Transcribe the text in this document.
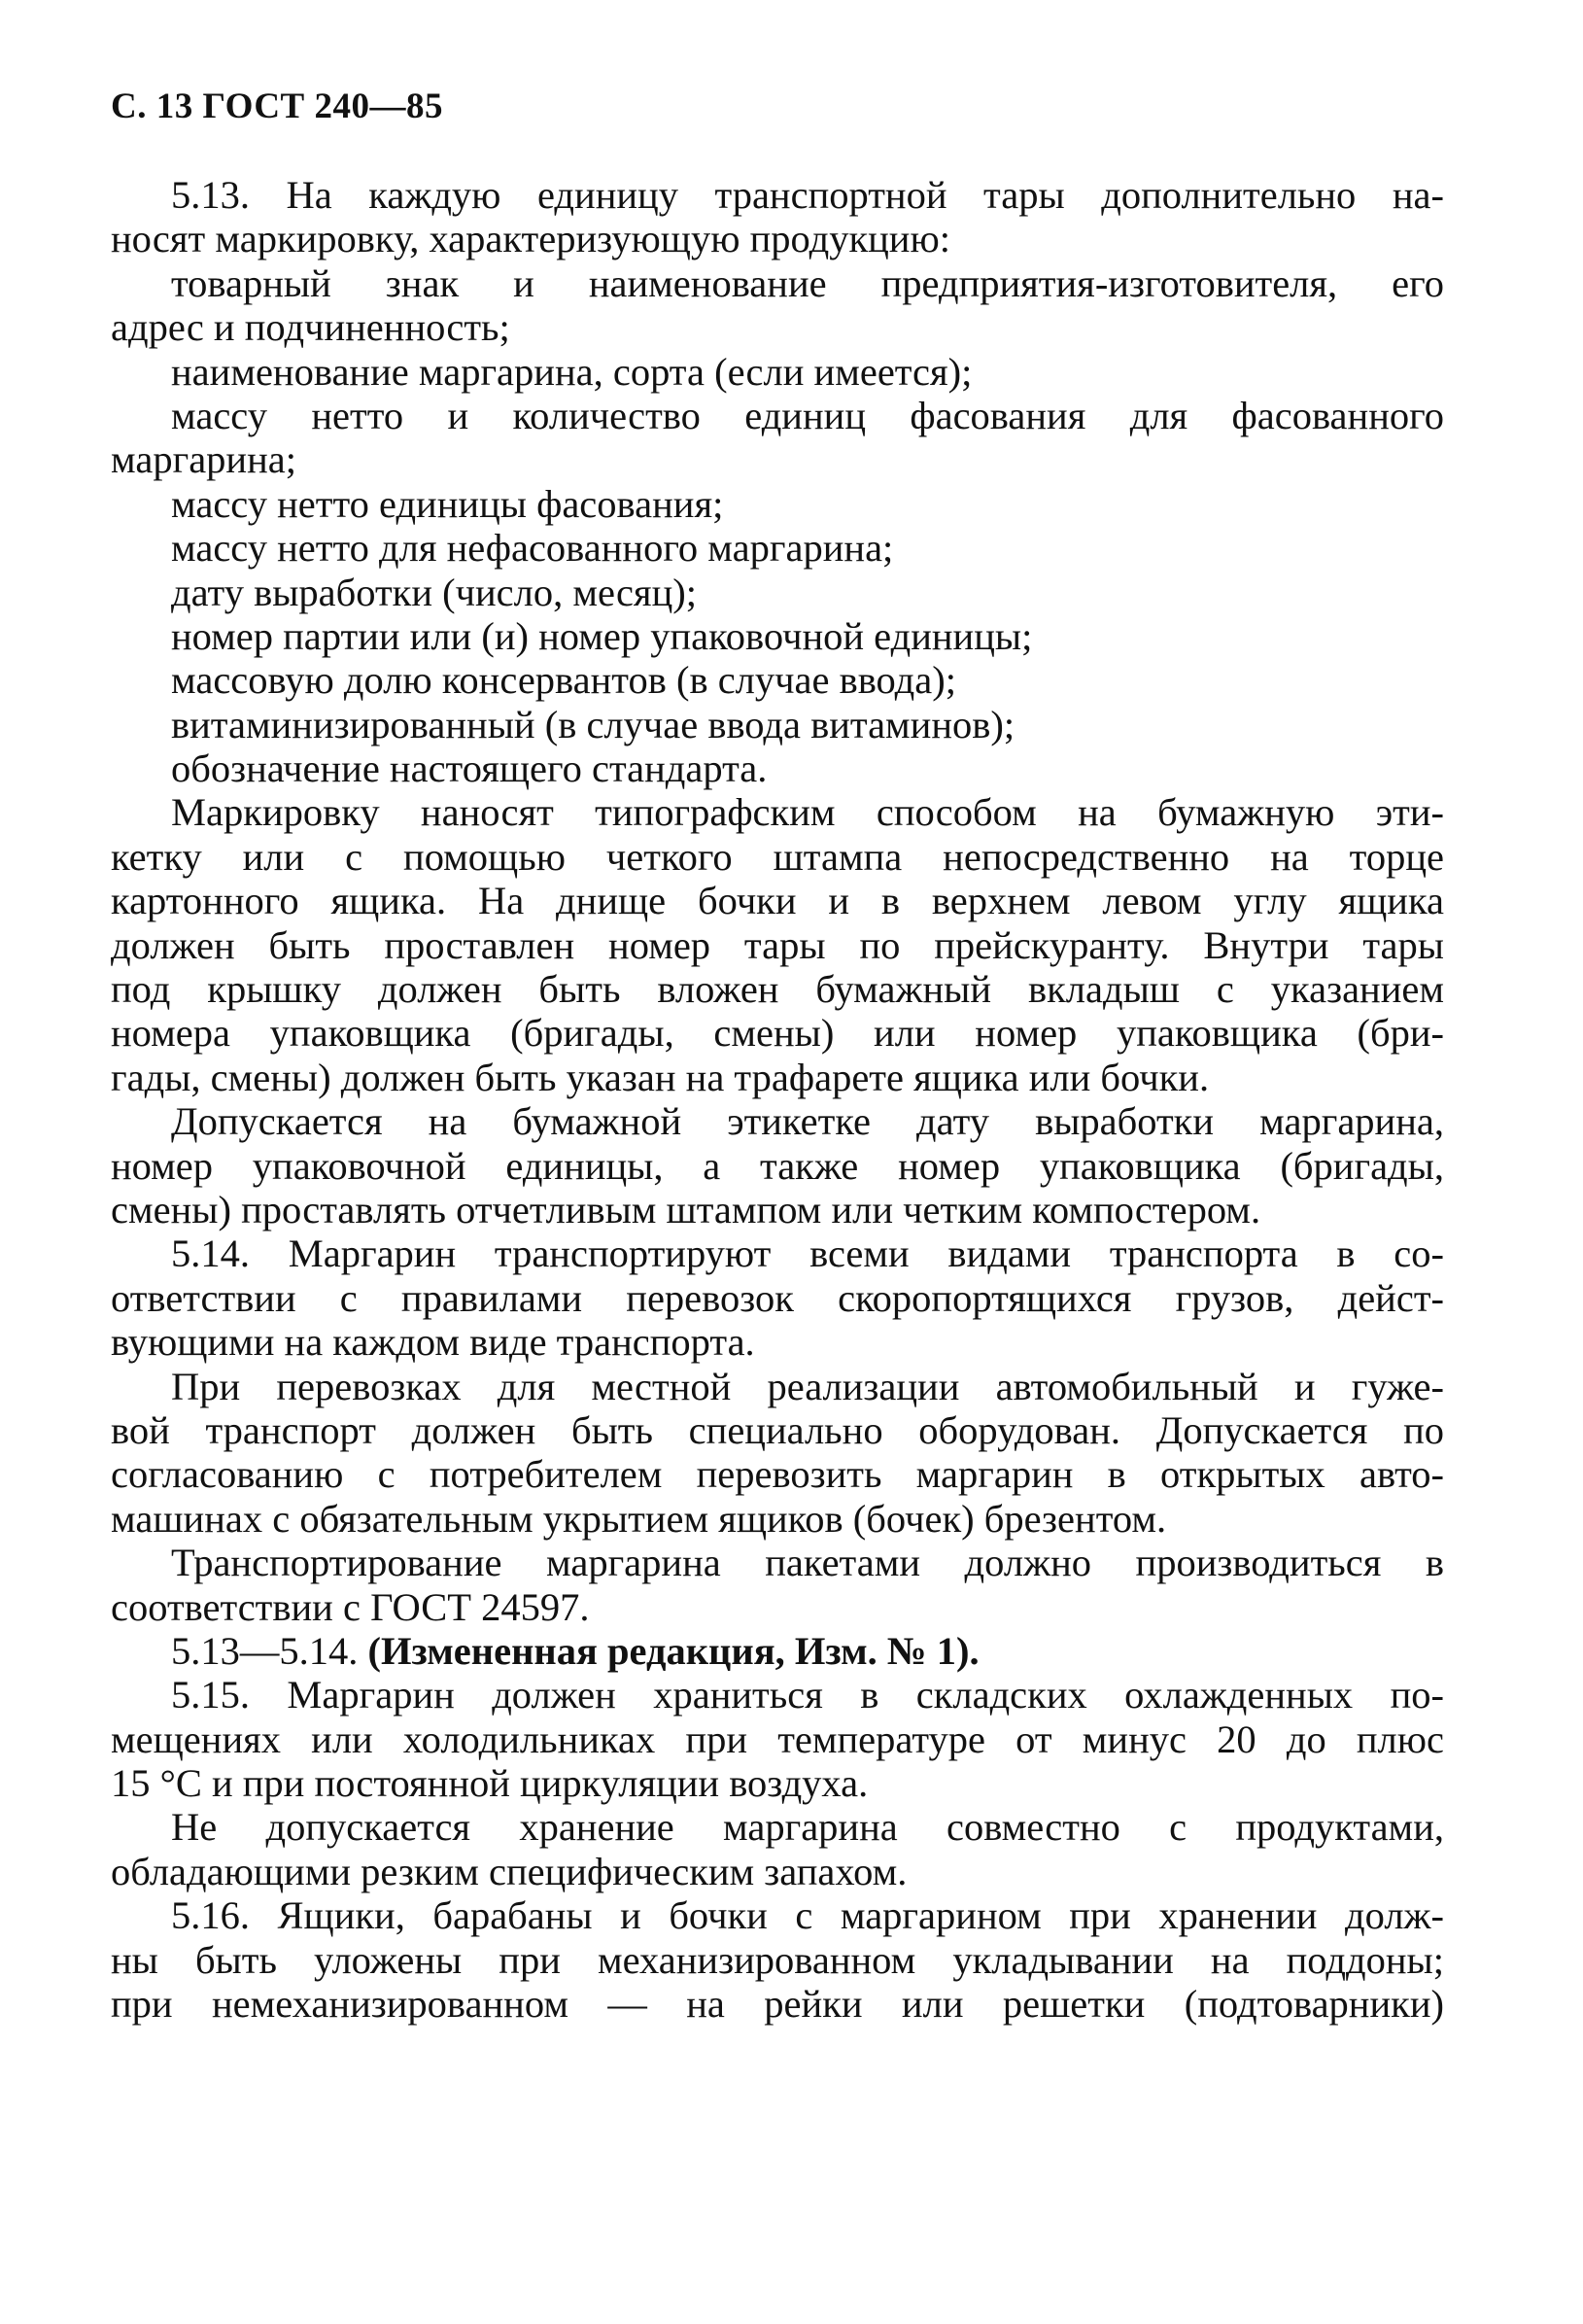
С. 13 ГОСТ 240—85
5.13. На каждую единицу транспортной тары дополнительно на-
носят маркировку, характеризующую продукцию:
товарный знак и наименование предприятия-изготовителя, его
адрес и подчиненность;
наименование маргарина, сорта (если имеется);
массу нетто и количество единиц фасования для фасованного
маргарина;
массу нетто единицы фасования;
массу нетто для нефасованного маргарина;
дату выработки (число, месяц);
номер партии или (и) номер упаковочной единицы;
массовую долю консервантов (в случае ввода);
витаминизированный (в случае ввода витаминов);
обозначение настоящего стандарта.
Маркировку наносят типографским способом на бумажную эти-
кетку или с помощью четкого штампа непосредственно на торце
картонного ящика. На днище бочки и в верхнем левом углу ящика
должен быть проставлен номер тары по прейскуранту. Внутри тары
под крышку должен быть вложен бумажный вкладыш с указанием
номера упаковщика (бригады, смены) или номер упаковщика (бри-
гады, смены) должен быть указан на трафарете ящика или бочки.
Допускается на бумажной этикетке дату выработки маргарина,
номер упаковочной единицы, а также номер упаковщика (бригады,
смены) проставлять отчетливым штампом или четким компостером.
5.14. Маргарин транспортируют всеми видами транспорта в со-
ответствии с правилами перевозок скоропортящихся грузов, дейст-
вующими на каждом виде транспорта.
При перевозках для местной реализации автомобильный и гуже-
вой транспорт должен быть специально оборудован. Допускается по
согласованию с потребителем перевозить маргарин в открытых авто-
машинах с обязательным укрытием ящиков (бочек) брезентом.
Транспортирование маргарина пакетами должно производиться в
соответствии с ГОСТ 24597.
5.13—5.14. (Измененная редакция, Изм. № 1).
5.15. Маргарин должен храниться в складских охлажденных по-
мещениях или холодильниках при температуре от минус 20 до плюс
15 °С и при постоянной циркуляции воздуха.
Не допускается хранение маргарина совместно с продуктами,
обладающими резким специфическим запахом.
5.16. Ящики, барабаны и бочки с маргарином при хранении долж-
ны быть уложены при механизированном укладывании на поддоны;
при немеханизированном — на рейки или решетки (подтоварники)
